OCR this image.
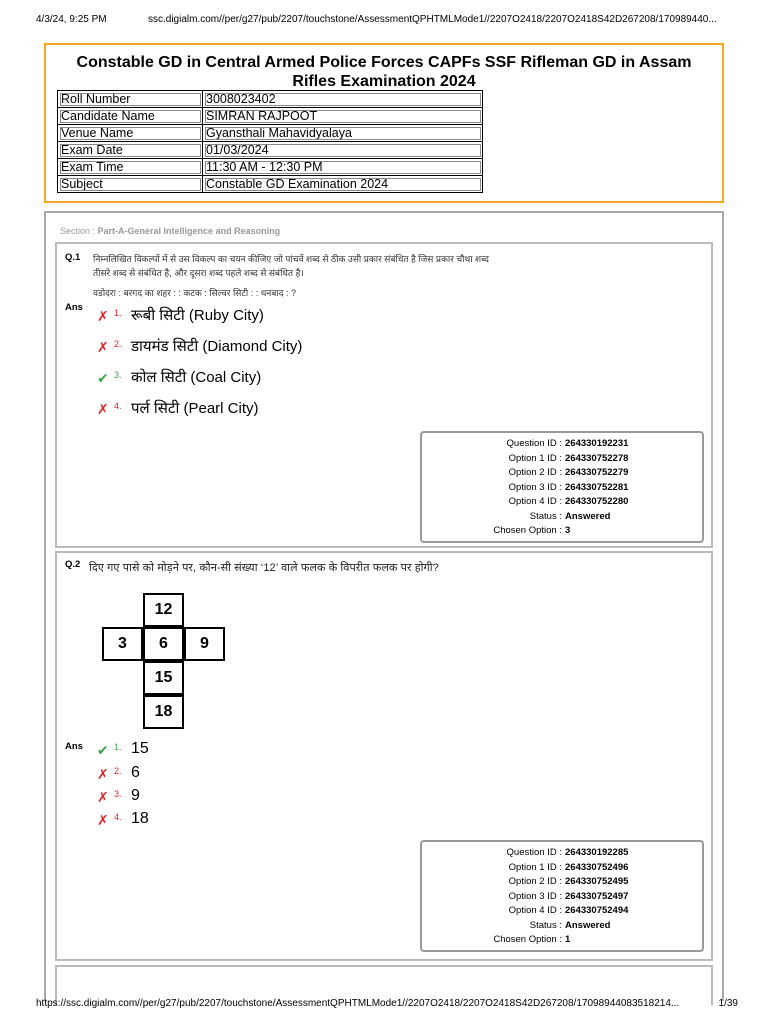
4/3/24, 9:25 PM	ssc.digialm.com//per/g27/pub/2207/touchstone/AssessmentQPHTMLMode1//2207O2418/2207O2418S42D267208/170989440...
Constable GD in Central Armed Police Forces CAPFs SSF Rifleman GD in Assam Rifles Examination 2024
Roll Number	3008023402
Candidate Name	SIMRAN RAJPOOT
Venue Name	Gyansthali Mahavidyalaya
Exam Date	01/03/2024
Exam Time	11:30 AM - 12:30 PM
Subject	Constable GD Examination 2024
Section : Part-A-General Intelligence and Reasoning
Q.1 निम्नलिखित विकल्पों में से उस विकल्प का चयन कीजिए जो पांचवें शब्द से ठीक उसी प्रकार संबंधित है जिस प्रकार चौथा शब्द
तीसरे शब्द से संबंधित है, और दूसरा शब्द पहले शब्द से संबंधित है।
वडोदरा : बरगद का शहर : : कटक : सिल्वर सिटी : : धनबाद : ?
Ans
✗ 1. रूबी सिटी (Ruby City)
✗ 2. डायमंड सिटी (Diamond City)
✔ 3. कोल सिटी (Coal City)
✗ 4. पर्ल सिटी (Pearl City)
Question ID : 264330192231
Option 1 ID : 264330752278
Option 2 ID : 264330752279
Option 3 ID : 264330752281
Option 4 ID : 264330752280
Status : Answered
Chosen Option : 3
Q.2 दिए गए पासे को मोड़ने पर, कौन-सी संख्या ‘12’ वाले फलक के विपरीत फलक पर होगी?
12
3	6	9
15
18
Ans ✔ 1. 15
✗ 2. 6
✗ 3. 9
✗ 4. 18
Question ID : 264330192285
Option 1 ID : 264330752496
Option 2 ID : 264330752495
Option 3 ID : 264330752497
Option 4 ID : 264330752494
Status : Answered
Chosen Option : 1
https://ssc.digialm.com//per/g27/pub/2207/touchstone/AssessmentQPHTMLMode1//2207O2418/2207O2418S42D267208/17098944083518214...	1/39
